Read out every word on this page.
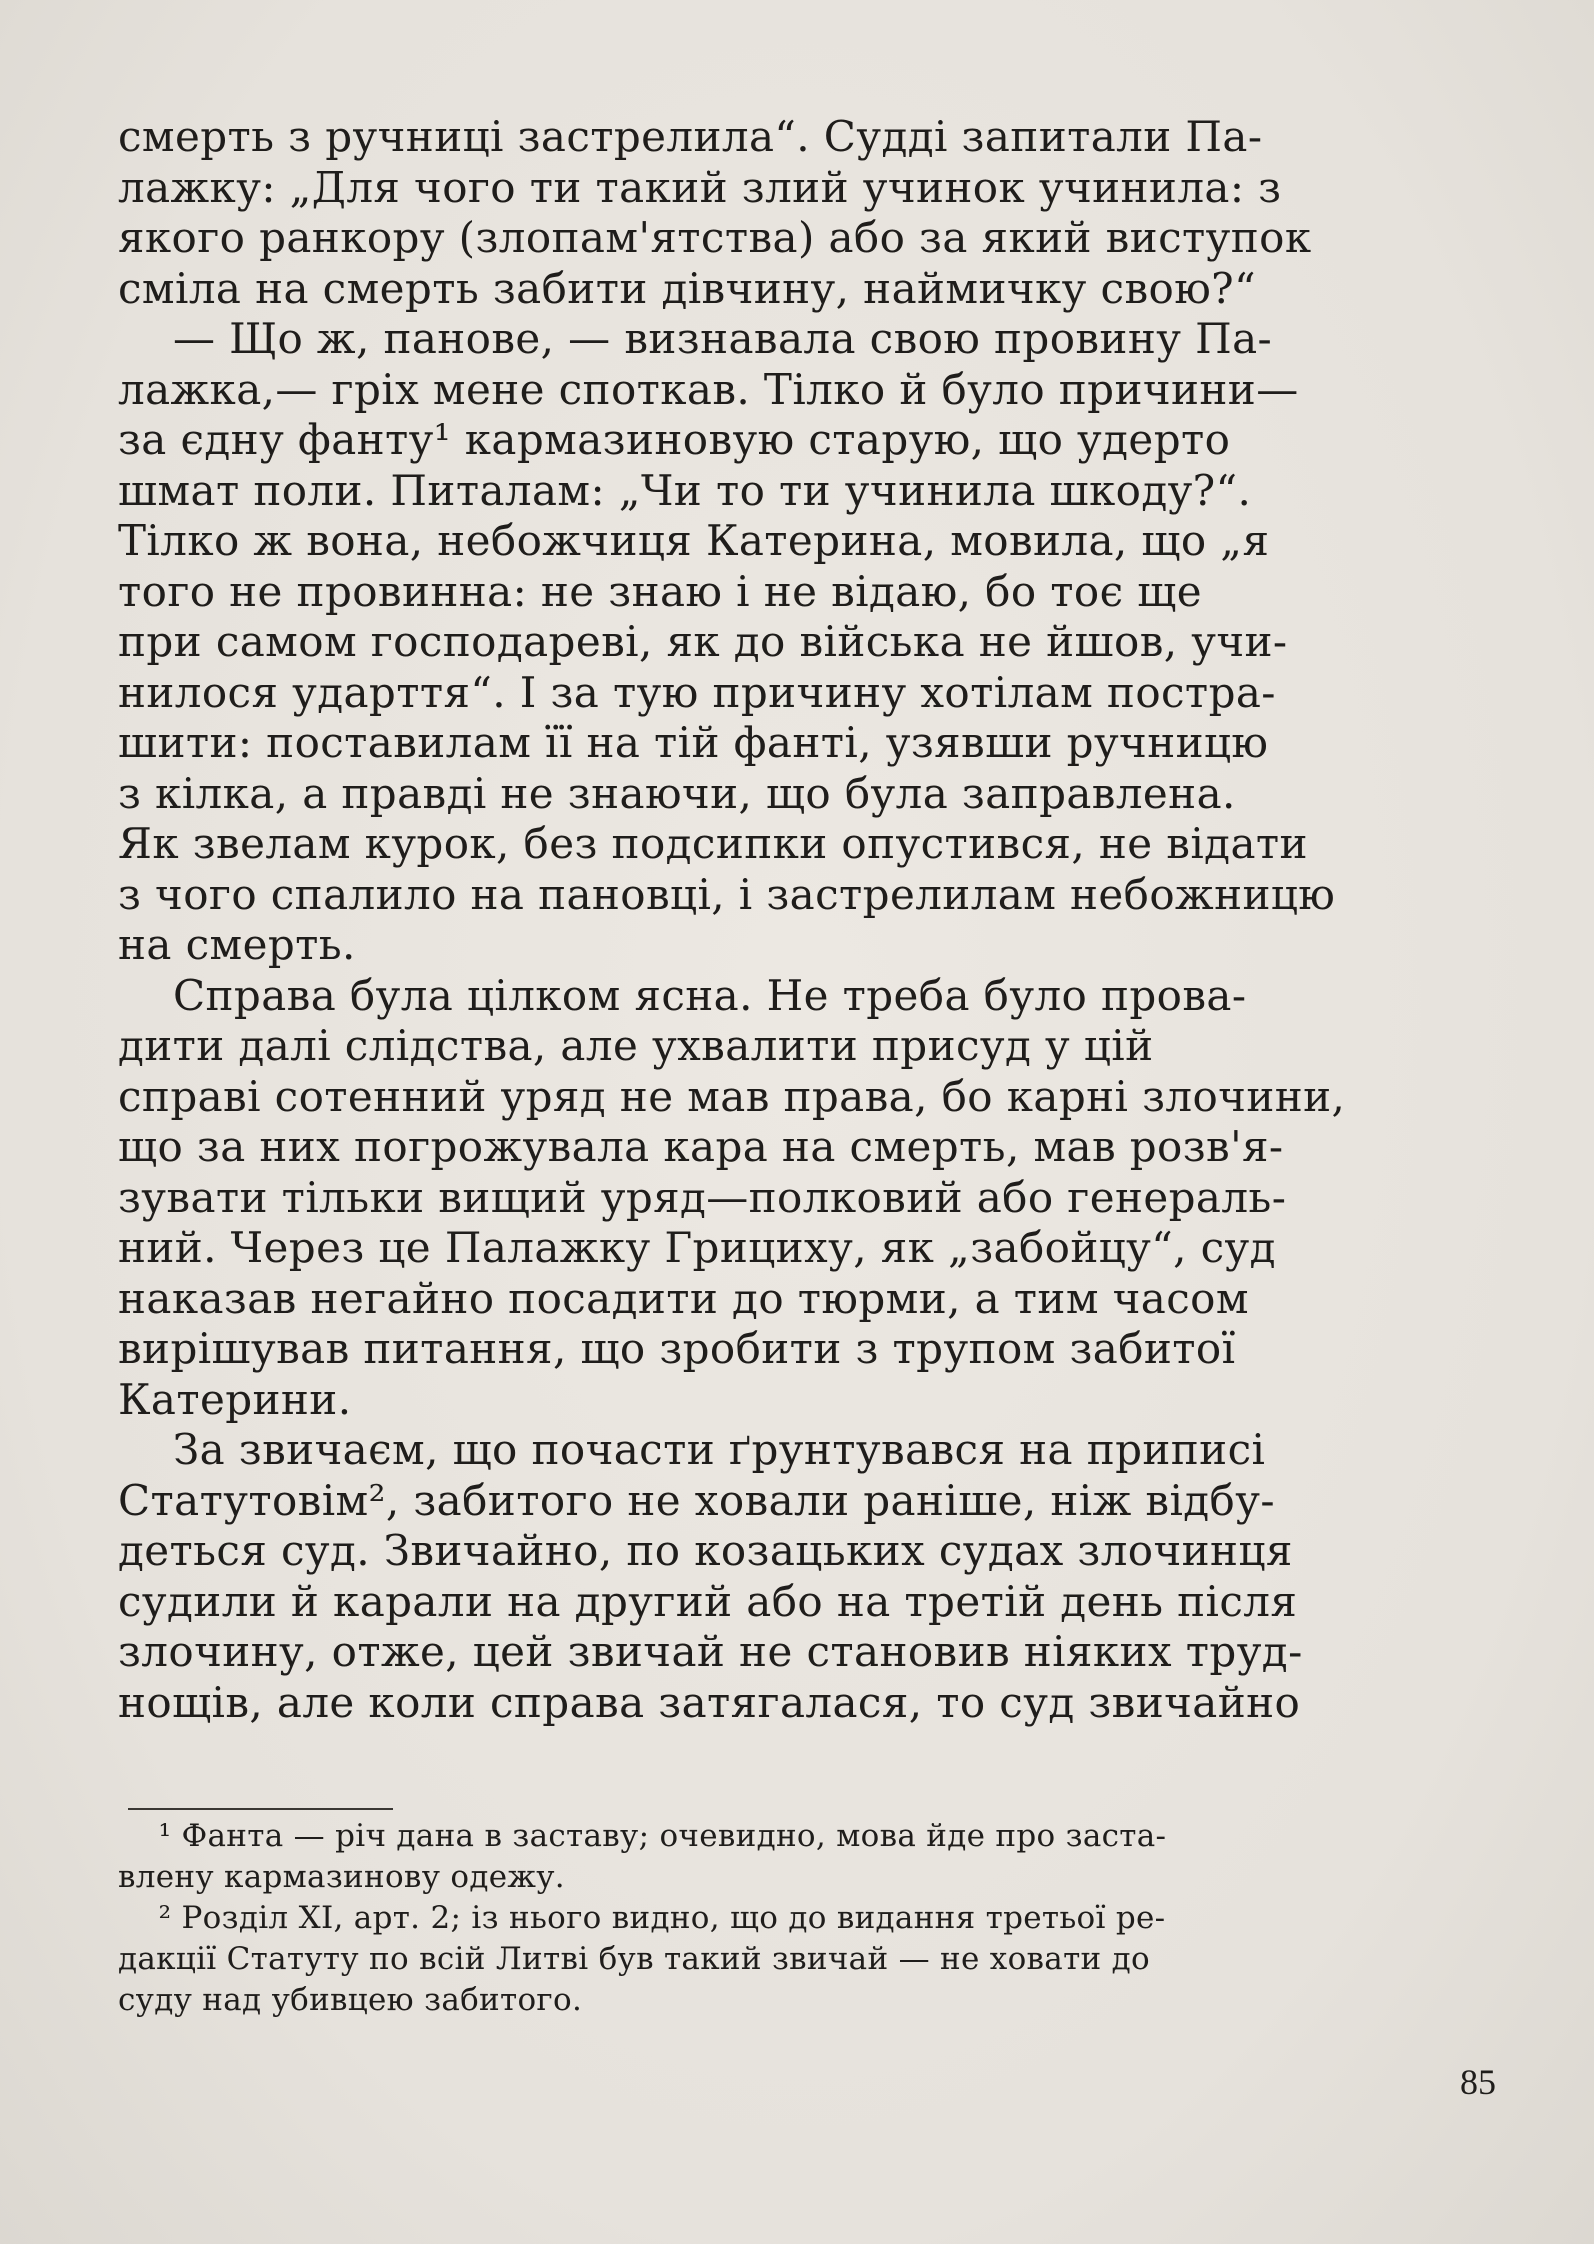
смерть з ручниці застрелила“. Судді запитали Па-
лажку: „Для чого ти такий злий учинок учинила: з
якого ранкору (злопам'ятства) або за який виступок
сміла на смерть забити дівчину, наймичку свою?“
— Що ж, панове, — визнавала свою провину Па-
лажка,— гріх мене споткав. Тілко й було причини—
за єдну фанту¹ кармазиновую старую, що удерто
шмат поли. Питалам: „Чи то ти учинила шкоду?“.
Тілко ж вона, небожчиця Катерина, мовила, що „я
того не провинна: не знаю і не відаю, бо тоє ще
при самом господареві, як до війська не йшов, учи-
нилося ударття“. І за тую причину хотілам постра-
шити: поставилам її на тій фанті, узявши ручницю
з кілка, а правді не знаючи, що була заправлена.
Як звелам курок, без подсипки опустився, не відати
з чого спалило на пановці, і застрелилам небожницю
на смерть.
Справа була цілком ясна. Не треба було прова-
дити далі слідства, але ухвалити присуд у цій
справі сотенний уряд не мав права, бо карні злочини,
що за них погрожувала кара на смерть, мав розв'я-
зувати тільки вищий уряд—полковий або генераль-
ний. Через це Палажку Грициху, як „забойцу“, суд
наказав негайно посадити до тюрми, а тим часом
вирішував питання, що зробити з трупом забитої
Катерини.
За звичаєм, що почасти ґрунтувався на приписі
Статутовім², забитого не ховали раніше, ніж відбу-
деться суд. Звичайно, по козацьких судах злочинця
судили й карали на другий або на третій день після
злочину, отже, цей звичай не становив ніяких труд-
нощів, але коли справа затягалася, то суд звичайно
¹ Фанта — річ дана в заставу; очевидно, мова йде про заста-
влену кармазинову одежу.
² Розділ XI, арт. 2; із нього видно, що до видання третьої ре-
дакції Статуту по всій Литві був такий звичай — не ховати до
суду над убивцею забитого.
85
